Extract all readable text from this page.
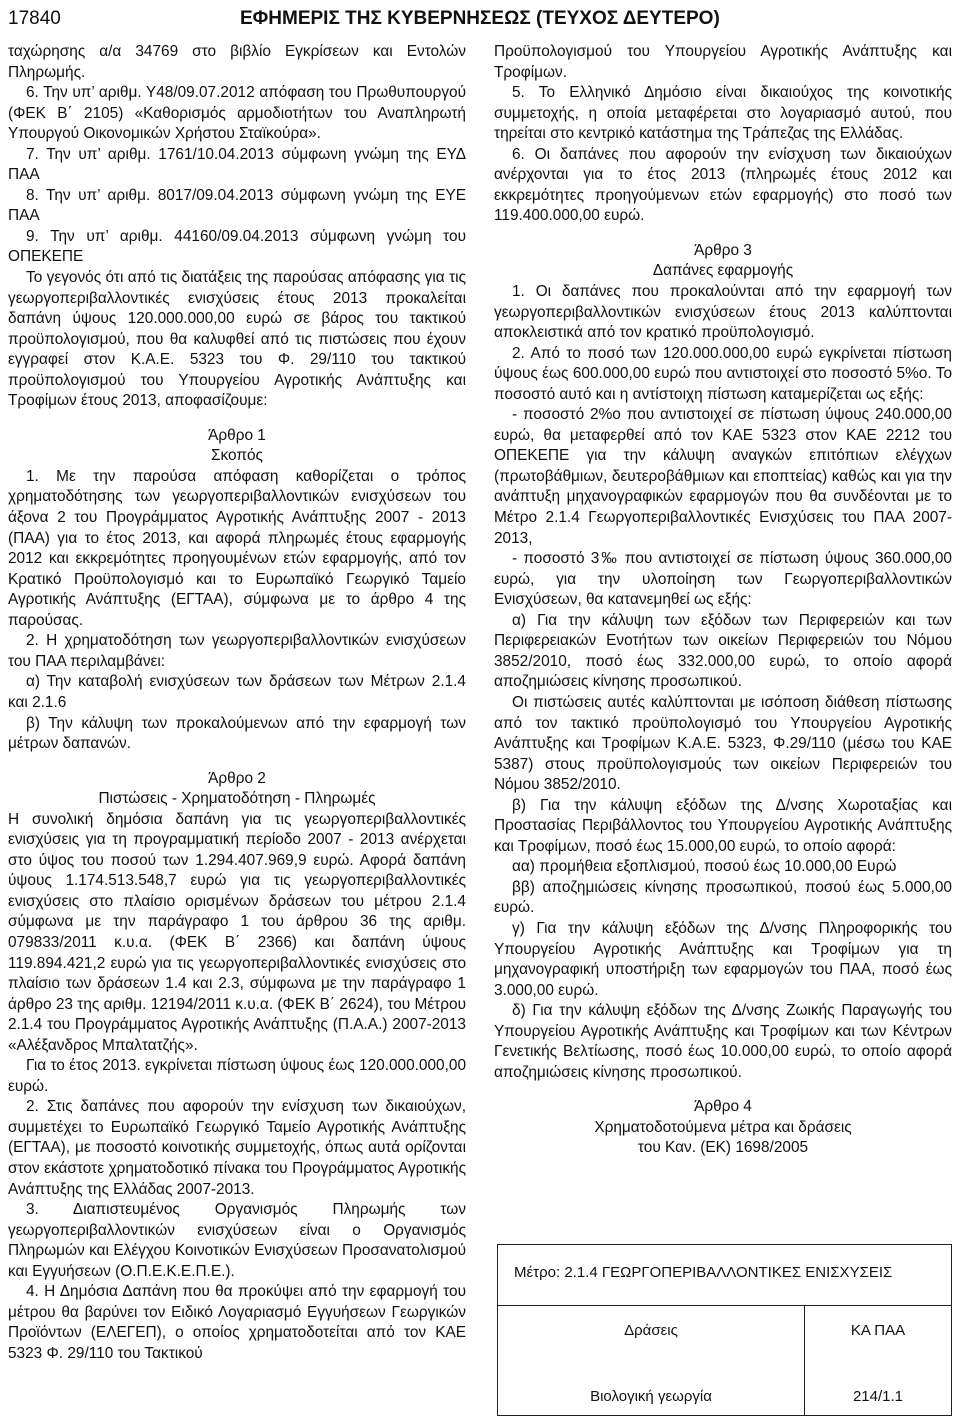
17840	ΕΦΗΜΕΡΙΣ ΤΗΣ ΚΥΒΕΡΝΗΣΕΩΣ (ΤΕΥΧΟΣ ΔΕΥΤΕΡΟ)

ταχώρησης α/α 34769 στο βιβλίο Εγκρίσεων και Εντολών Πληρωμής.

6. Την υπ’ αριθμ. Υ48/09.07.2012 απόφαση του Πρωθυπουργού (ΦΕΚ Β΄ 2105) «Καθορισμός αρμοδιοτήτων του Αναπληρωτή Υπουργού Οικονομικών Χρήστου Σταϊκούρα».

7. Την υπ’ αριθμ. 1761/10.04.2013 σύμφωνη γνώμη της ΕΥΔ ΠΑΑ

8. Την υπ’ αριθμ. 8017/09.04.2013 σύμφωνη γνώμη της ΕΥΕ ΠΑΑ

9. Την υπ’ αριθμ. 44160/09.04.2013 σύμφωνη γνώμη του ΟΠΕΚΕΠΕ

Το γεγονός ότι από τις διατάξεις της παρούσας απόφασης για τις γεωργοπεριβαλλοντικές ενισχύσεις έτους 2013 προκαλείται δαπάνη ύψους 120.000.000,00 ευρώ σε βάρος του τακτικού προϋπολογισμού, που θα καλυφθεί από τις πιστώσεις που έχουν εγγραφεί στον Κ.Α.Ε. 5323 του Φ. 29/110 του τακτικού προϋπολογισμού του Υπουργείου Αγροτικής Ανάπτυξης και Τροφίμων έτους 2013, αποφασίζουμε:

Άρθρο 1

Σκοπός

1. Με την παρούσα απόφαση καθορίζεται ο τρόπος χρηματοδότησης των γεωργοπεριβαλλοντικών ενισχύσεων του άξονα 2 του Προγράμματος Αγροτικής Ανάπτυξης 2007 - 2013 (ΠΑΑ) για το έτος 2013, και αφορά πληρωμές έτους εφαρμογής 2012 και εκκρεμότητες προηγουμένων ετών εφαρμογής, από τον Κρατικό Προϋπολογισμό και το Ευρωπαϊκό Γεωργικό Ταμείο Αγροτικής Ανάπτυξης (ΕΓΤΑΑ), σύμφωνα με το άρθρο 4 της παρούσας.

2. Η χρηματοδότηση των γεωργοπεριβαλλοντικών ενισχύσεων του ΠΑΑ περιλαμβάνει:

α) Την καταβολή ενισχύσεων των δράσεων των Μέτρων 2.1.4 και 2.1.6

β) Την κάλυψη των προκαλούμενων από την εφαρμογή των μέτρων δαπανών.

Άρθρο 2

Πιστώσεις - Χρηματοδότηση - Πληρωμές

Η συνολική δημόσια δαπάνη για τις γεωργοπεριβαλλοντικές ενισχύσεις για τη προγραμματική περίοδο 2007 - 2013 ανέρχεται στο ύψος του ποσού των 1.294.407.969,9 ευρώ. Αφορά δαπάνη ύψους 1.174.513.548,7 ευρώ για τις γεωργοπεριβαλλοντικές ενισχύσεις στο πλαίσιο ορισμένων δράσεων του μέτρου 2.1.4 σύμφωνα με την παράγραφο 1 του άρθρου 36 της αριθμ. 079833/2011 κ.υ.α. (ΦΕΚ Β΄ 2366) και δαπάνη ύψους 119.894.421,2 ευρώ για τις γεωργοπεριβαλλοντικές ενισχύσεις στο πλαίσιο των δράσεων 1.4 και 2.3, σύμφωνα με την παράγραφο 1 άρθρο 23 της αριθμ. 12194/2011 κ.υ.α. (ΦΕΚ Β΄ 2624), του Μέτρου 2.1.4 του Προγράμματος Αγροτικής Ανάπτυξης (Π.Α.Α.) 2007-2013 «Αλέξανδρος Μπαλτατζής».

Για το έτος 2013. εγκρίνεται πίστωση ύψους έως 120.000.000,00 ευρώ.

2. Στις δαπάνες που αφορούν την ενίσχυση των δικαιούχων, συμμετέχει το Ευρωπαϊκό Γεωργικό Ταμείο Αγροτικής Ανάπτυξης (ΕΓΤΑΑ), με ποσοστό κοινοτικής συμμετοχής, όπως αυτά ορίζονται στον εκάστοτε χρηματοδοτικό πίνακα του Προγράμματος Αγροτικής Ανάπτυξης της Ελλάδας 2007-2013.

3. Διαπιστευμένος Οργανισμός Πληρωμής των γεωργοπεριβαλλοντικών ενισχύσεων είναι ο Οργανισμός Πληρωμών και Ελέγχου Κοινοτικών Ενισχύσεων Προσανατολισμού και Εγγυήσεων (Ο.Π.Ε.Κ.Ε.Π.Ε.).

4. Η Δημόσια Δαπάνη που θα προκύψει από την εφαρμογή του μέτρου θα βαρύνει τον Ειδικό Λογαριασμό Εγγυήσεων Γεωργικών Προϊόντων (ΕΛΕΓΕΠ), ο οποίος χρηματοδοτείται από τον ΚΑΕ 5323 Φ. 29/110 του Τακτικού

Προϋπολογισμού του Υπουργείου Αγροτικής Ανάπτυξης και Τροφίμων.

5. Το Ελληνικό Δημόσιο είναι δικαιούχος της κοινοτικής συμμετοχής, η οποία μεταφέρεται στο λογαριασμό αυτού, που τηρείται στο κεντρικό κατάστημα της Τράπεζας της Ελλάδας.

6. Οι δαπάνες που αφορούν την ενίσχυση των δικαιούχων ανέρχονται για το έτος 2013 (πληρωμές έτους 2012 και εκκρεμότητες προηγούμενων ετών εφαρμογής) στο ποσό των 119.400.000,00 ευρώ.

Άρθρο 3

Δαπάνες εφαρμογής

1. Οι δαπάνες που προκαλούνται από την εφαρμογή των γεωργοπεριβαλλοντικών ενισχύσεων έτους 2013 καλύπτονται αποκλειστικά από τον κρατικό προϋπολογισμό.

2. Από το ποσό των 120.000.000,00 ευρώ εγκρίνεται πίστωση ύψους έως 600.000,00 ευρώ που αντιστοιχεί στο ποσοστό 5%ο. Το ποσοστό αυτό και η αντίστοιχη πίστωση καταμερίζεται ως εξής:

- ποσοστό 2%ο που αντιστοιχεί σε πίστωση ύψους 240.000,00 ευρώ, θα μεταφερθεί από τον ΚΑΕ 5323 στον ΚΑΕ 2212 του ΟΠΕΚΕΠΕ για την κάλυψη αναγκών επιτόπιων ελέγχων (πρωτοβάθμιων, δευτεροβάθμιων και εποπτείας) καθώς και για την ανάπτυξη μηχανογραφικών εφαρμογών που θα συνδέονται με το Μέτρο 2.1.4 Γεωργοπεριβαλλοντικές Ενισχύσεις του ΠΑΑ 2007-2013,

- ποσοστό 3‰ που αντιστοιχεί σε πίστωση ύψους 360.000,00 ευρώ, για την υλοποίηση των Γεωργοπεριβαλλοντικών Ενισχύσεων, θα κατανεμηθεί ως εξής:

α) Για την κάλυψη των εξόδων των Περιφερειών και των Περιφερειακών Ενοτήτων των οικείων Περιφερειών του Νόμου 3852/2010, ποσό έως 332.000,00 ευρώ, το οποίο αφορά αποζημιώσεις κίνησης προσωπικού.

Οι πιστώσεις αυτές καλύπτονται με ισόποση διάθεση πίστωσης από τον τακτικό προϋπολογισμό του Υπουργείου Αγροτικής Ανάπτυξης και Τροφίμων Κ.Α.Ε. 5323, Φ.29/110 (μέσω του ΚΑΕ 5387) στους προϋπολογισμούς των οικείων Περιφερειών του Νόμου 3852/2010.

β) Για την κάλυψη εξόδων της Δ/νσης Χωροταξίας και Προστασίας Περιβάλλοντος του Υπουργείου Αγροτικής Ανάπτυξης και Τροφίμων, ποσό έως 15.000,00 ευρώ, το οποίο αφορά:

αα) προμήθεια εξοπλισμού, ποσού έως 10.000,00 Ευρώ

ββ) αποζημιώσεις κίνησης προσωπικού, ποσού έως 5.000,00 ευρώ.

γ) Για την κάλυψη εξόδων της Δ/νσης Πληροφορικής του Υπουργείου Αγροτικής Ανάπτυξης και Τροφίμων για τη μηχανογραφική υποστήριξη των εφαρμογών του ΠΑΑ, ποσό έως 3.000,00 ευρώ.

δ) Για την κάλυψη εξόδων της Δ/νσης Ζωικής Παραγωγής του Υπουργείου Αγροτικής Ανάπτυξης και Τροφίμων και των Κέντρων Γενετικής Βελτίωσης, ποσό έως 10.000,00 ευρώ, το οποίο αφορά αποζημιώσεις κίνησης προσωπικού.

Άρθρο 4

Χρηματοδοτούμενα μέτρα και δράσεις

του Καν. (ΕΚ) 1698/2005

Μέτρο: 2.1.4 ΓΕΩΡΓΟΠΕΡΙΒΑΛΛΟΝΤΙΚΕΣ ΕΝΙΣΧΥΣΕΙΣ
Δράσεις	ΚΑ ΠΑΑ
Βιολογική γεωργία	214/1.1
